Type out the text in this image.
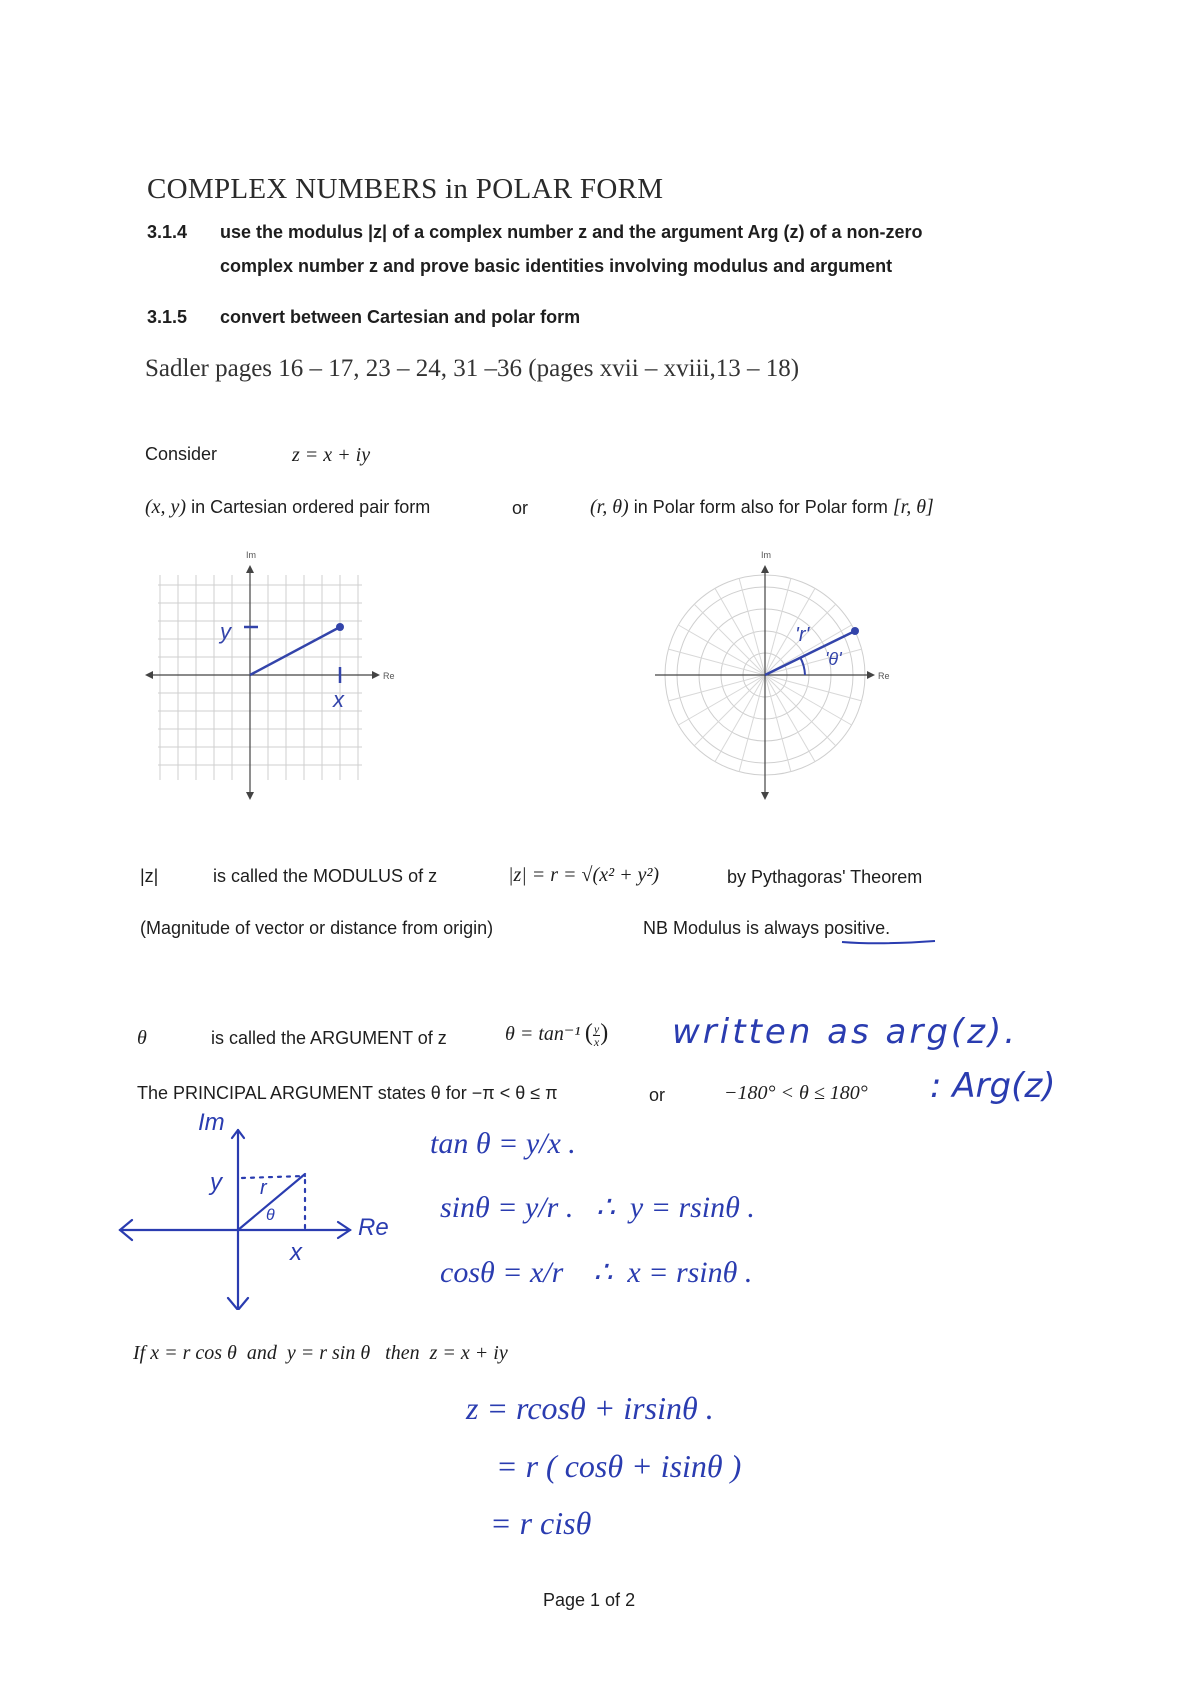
COMPLEX NUMBERS in POLAR FORM
3.1.4 use the modulus |z| of a complex number z and the argument Arg (z) of a non-zero
complex number z and prove basic identities involving modulus and argument
3.1.5 convert between Cartesian and polar form
Sadler pages 16 – 17, 23 – 24, 31 –36 (pages xvii – xviii,13 – 18)
Consider	z = x + iy
(x, y) in Cartesian ordered pair form	or	(r, θ) in Polar form also for Polar form [r, θ]
Im
Re
y
x
Im
Re
'r'
'θ'
|z|	is called the MODULUS of z	|z| = r = √(x² + y²)	by Pythagoras' Theorem
(Magnitude of vector or distance from origin)	NB Modulus is always positive.
θ	is called the ARGUMENT of z	θ = tan⁻¹ ( $\frac{y}{x}$ ) written as arg(z).
The PRINCIPAL ARGUMENT states θ for −π < θ ≤ π	or	−180° < θ ≤ 180° : Arg(z)
Im
Re
y
x
r
θ
tan θ = y/x .
sinθ = y/r .   ∴  y = rsinθ .
cosθ = x/r    ∴  x = rsinθ .
If x = r cos θ  and  y = r sin θ   then  z = x + iy
z = rcosθ + irsinθ .
= r ( cosθ + isinθ )
= r cisθ
Page 1 of 2
